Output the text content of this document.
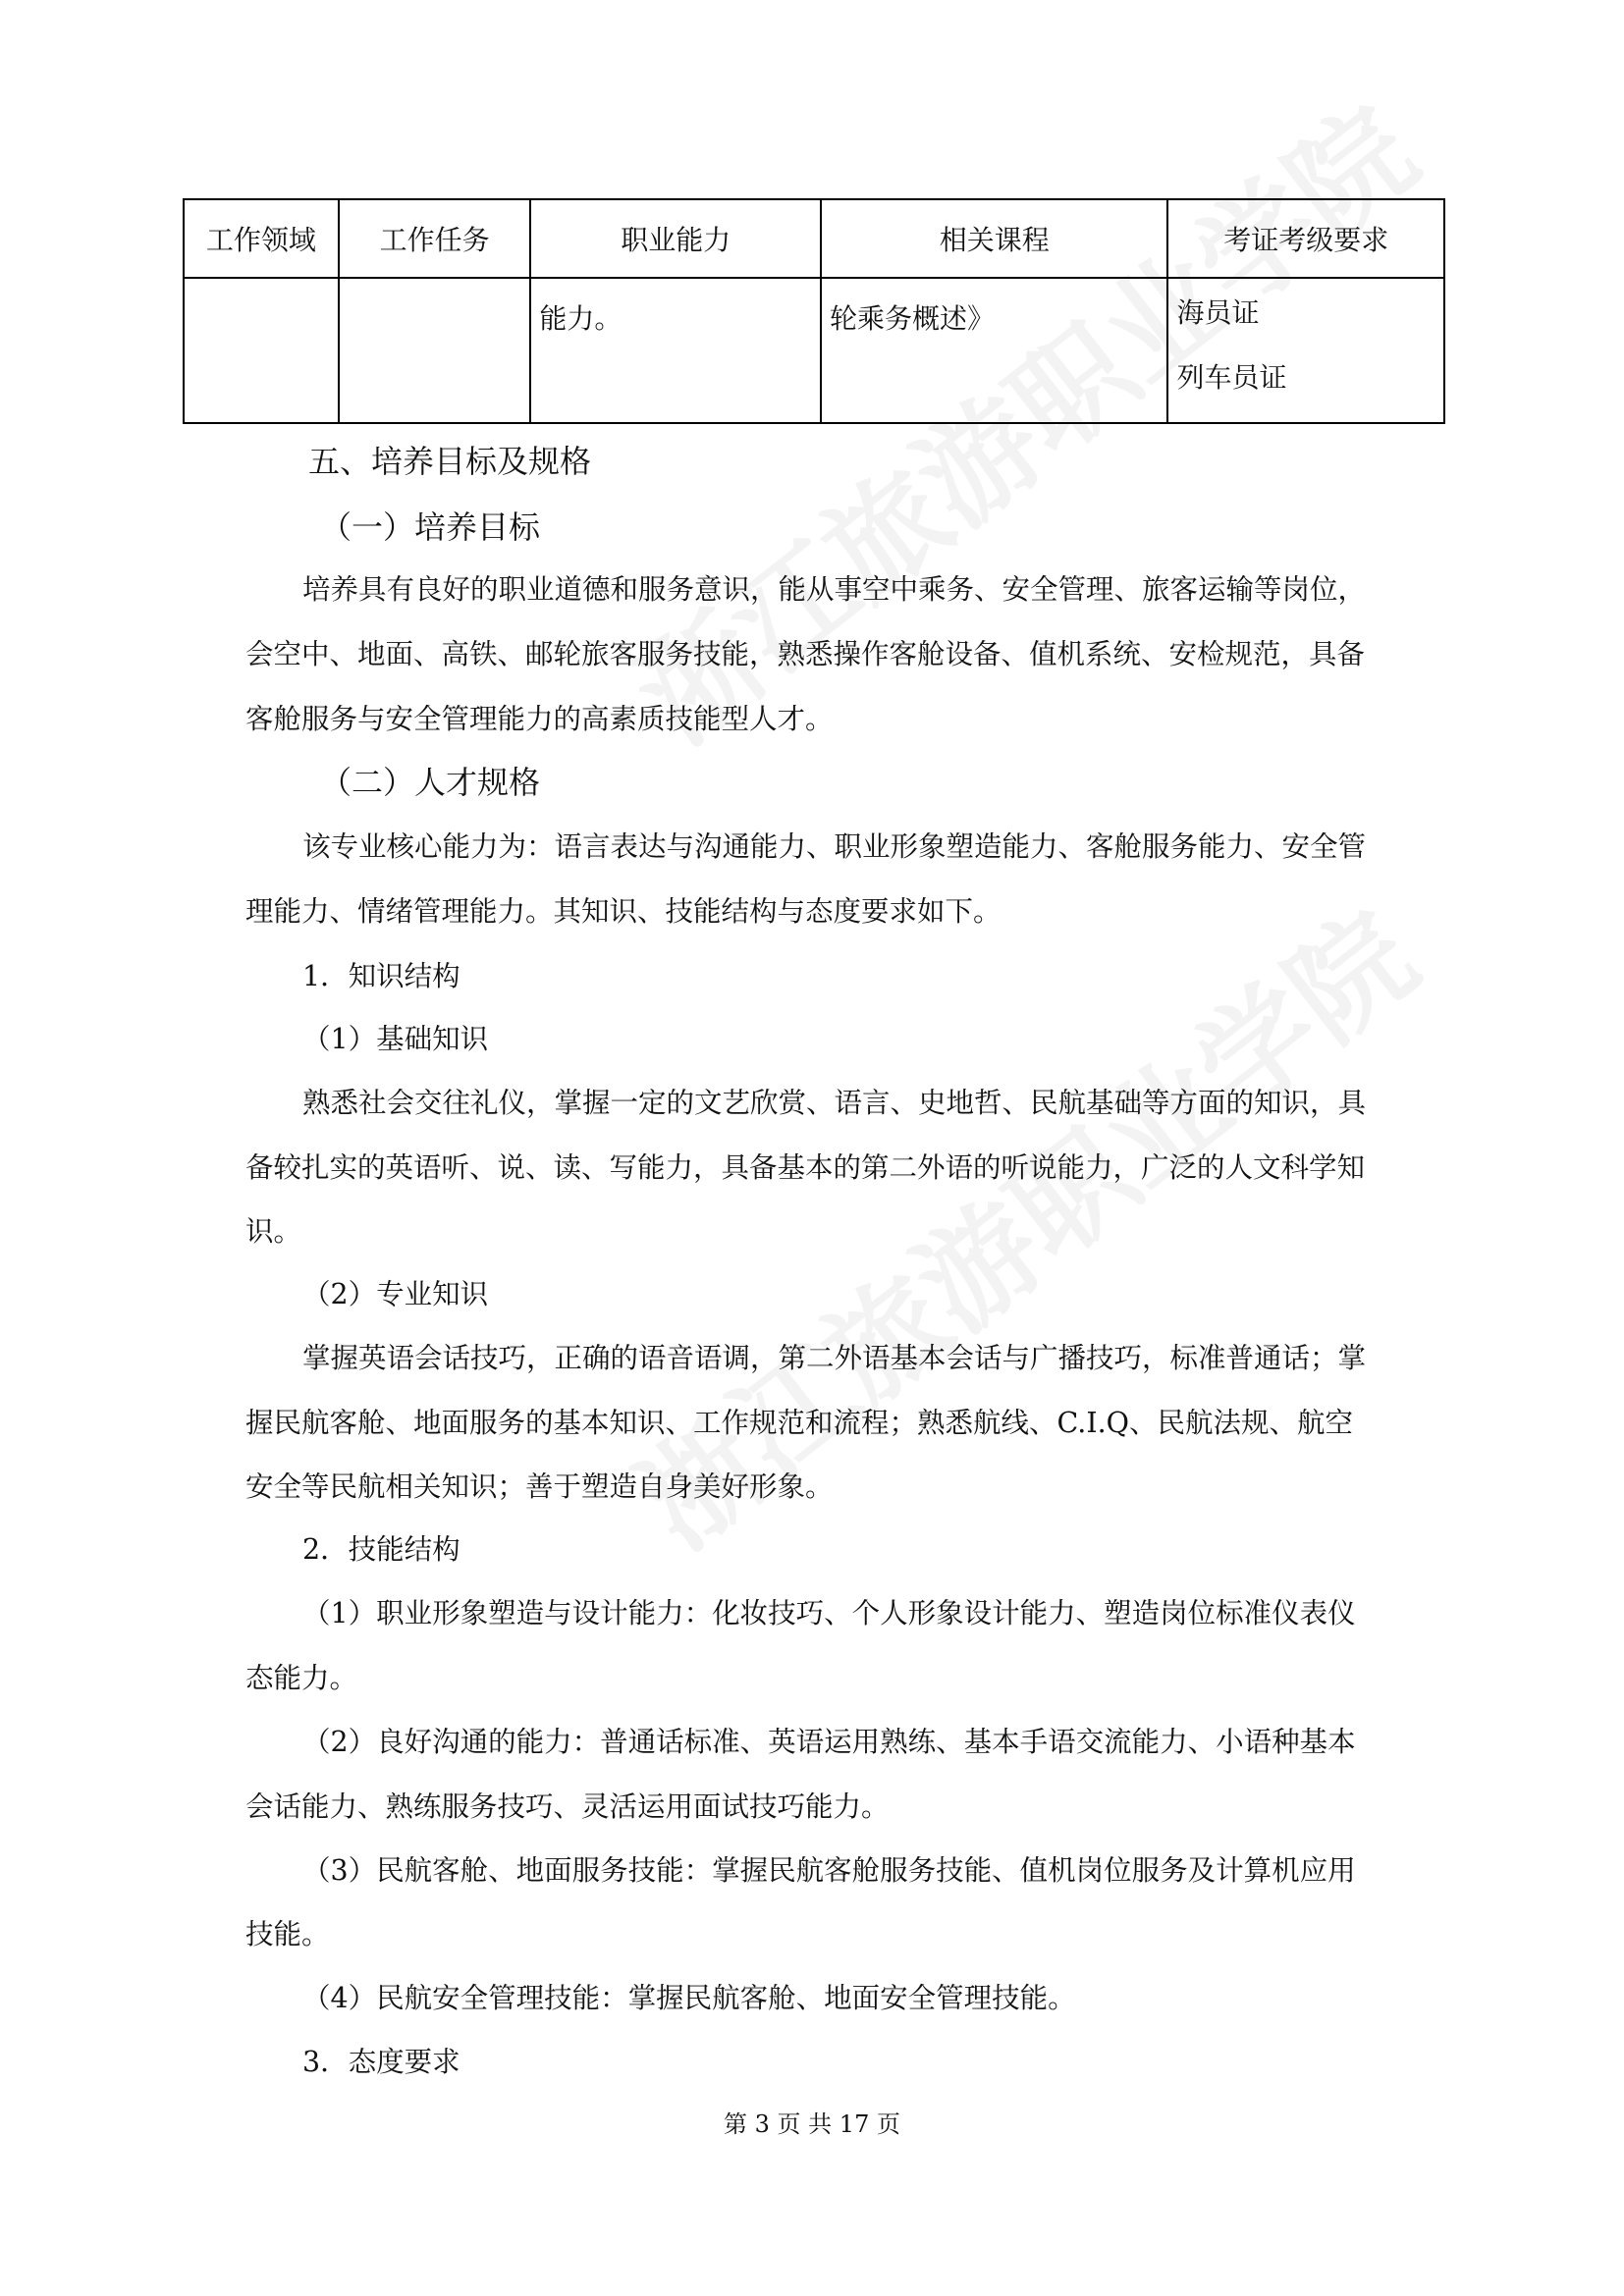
工作领域	工作任务	职业能力	相关课程	考证考级要求

		能力。	轮乘务概述》	海员证

列车员证

五、培养目标及规格

（一）培养目标

培养具有良好的职业道德和服务意识，能从事空中乘务、安全管理、旅客运输等岗位，

会空中、地面、高铁、邮轮旅客服务技能，熟悉操作客舱设备、值机系统、安检规范，具备

客舱服务与安全管理能力的高素质技能型人才。

（二）人才规格

该专业核心能力为：语言表达与沟通能力、职业形象塑造能力、客舱服务能力、安全管

理能力、情绪管理能力。其知识、技能结构与态度要求如下。

1．知识结构

（1）基础知识

熟悉社会交往礼仪，掌握一定的文艺欣赏、语言、史地哲、民航基础等方面的知识，具

备较扎实的英语听、说、读、写能力，具备基本的第二外语的听说能力，广泛的人文科学知

识。

（2）专业知识

掌握英语会话技巧，正确的语音语调，第二外语基本会话与广播技巧，标准普通话；掌

握民航客舱、地面服务的基本知识、工作规范和流程；熟悉航线、C.I.Q、民航法规、航空

安全等民航相关知识；善于塑造自身美好形象。

2．技能结构

（1）职业形象塑造与设计能力：化妆技巧、个人形象设计能力、塑造岗位标准仪表仪

态能力。

（2）良好沟通的能力：普通话标准、英语运用熟练、基本手语交流能力、小语种基本

会话能力、熟练服务技巧、灵活运用面试技巧能力。

（3）民航客舱、地面服务技能：掌握民航客舱服务技能、值机岗位服务及计算机应用

技能。

（4）民航安全管理技能：掌握民航客舱、地面安全管理技能。

3．态度要求

第 3 页 共 17 页
